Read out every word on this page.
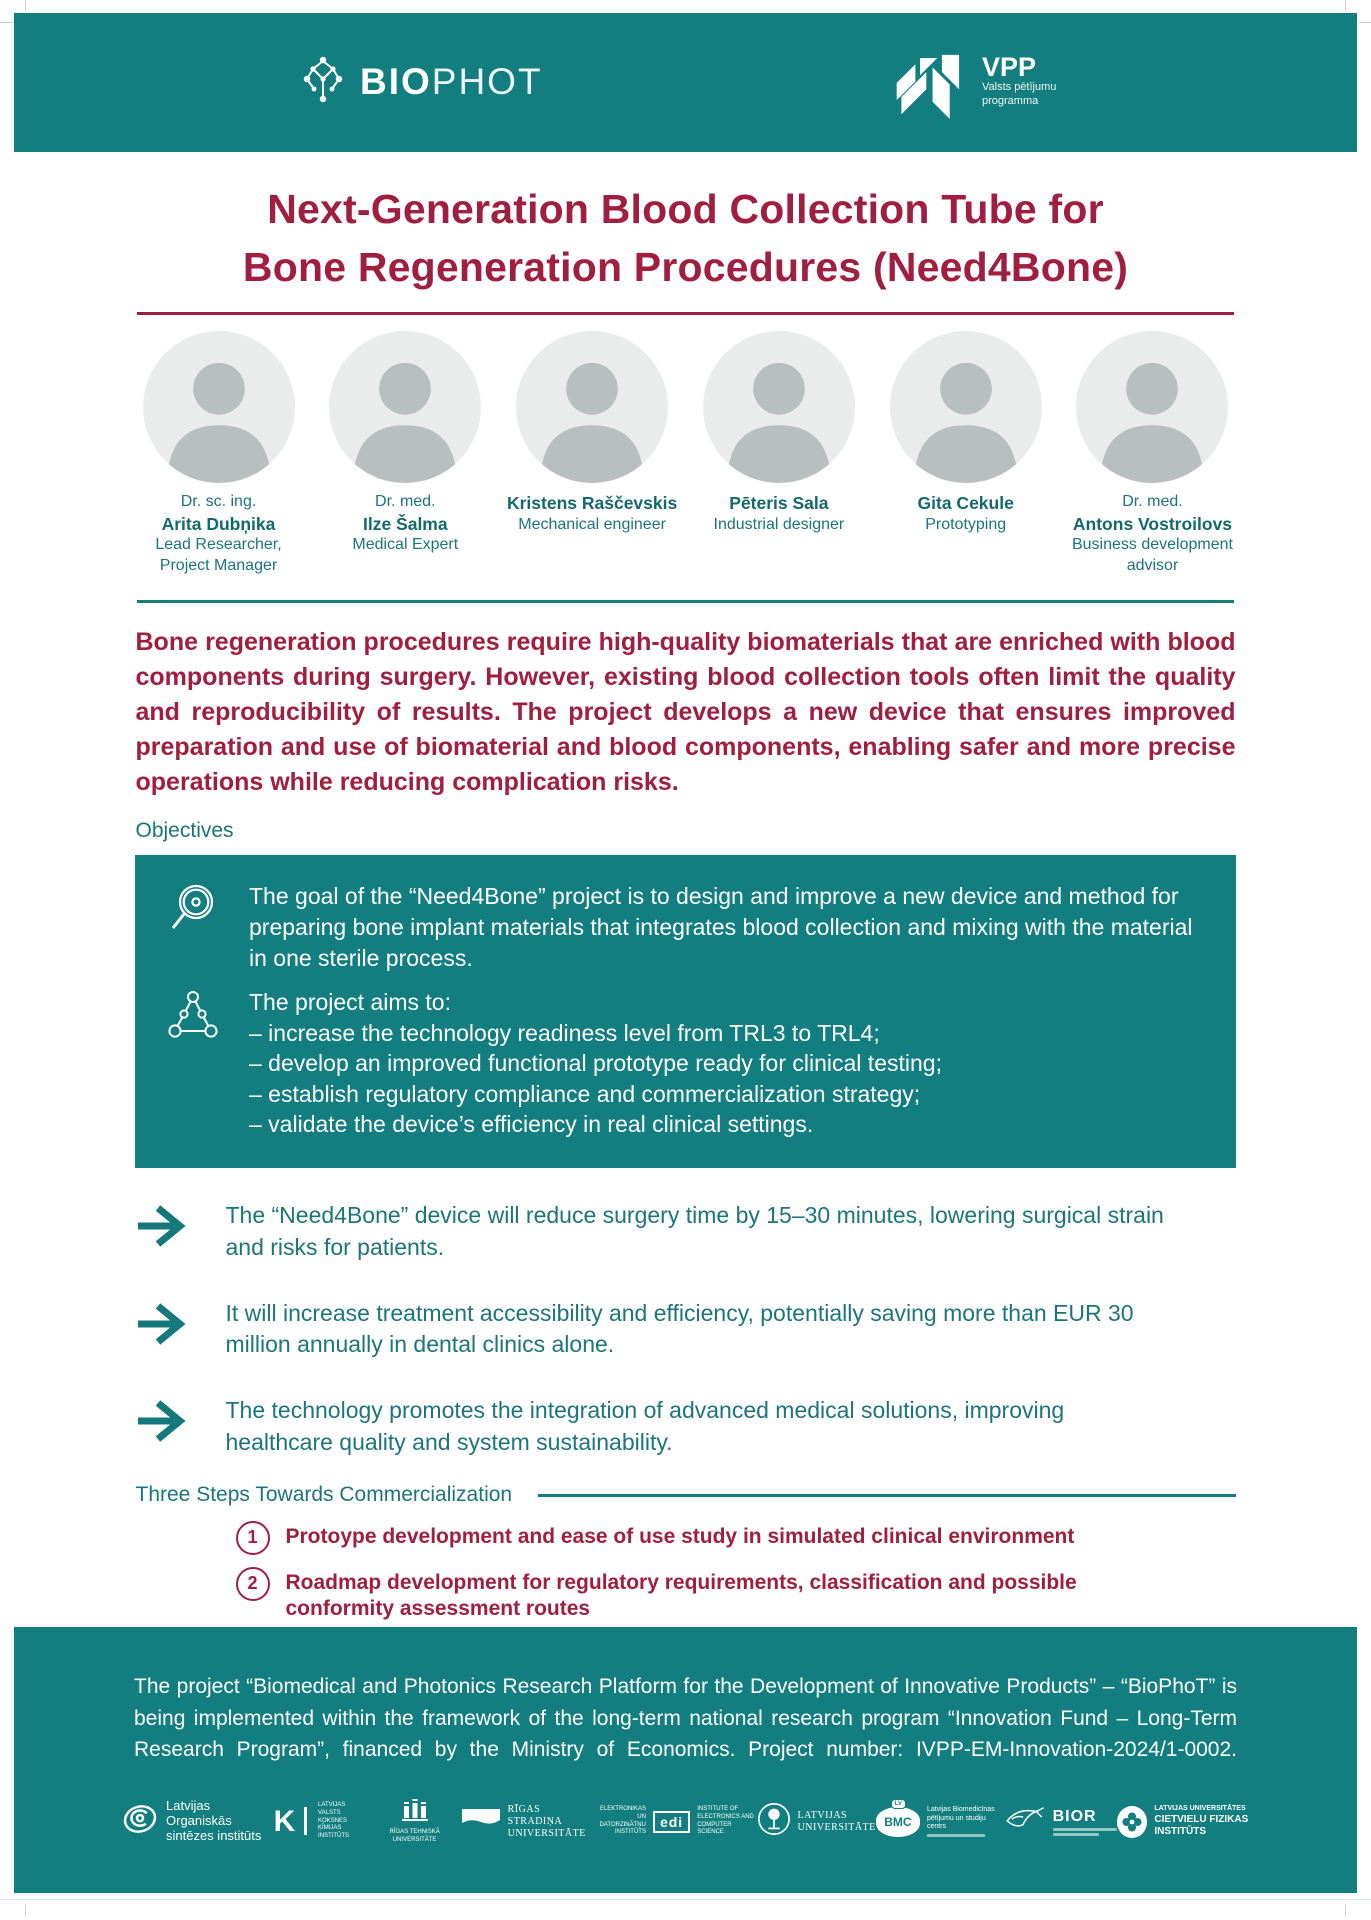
BIOPHOT	VPP
Valsts pētījumu
programma
Next-Generation Blood Collection Tube for
Bone Regeneration Procedures (Need4Bone)
Dr. sc. ing.
Arita Dubņika
Lead Researcher, Project Manager
Dr. med.
Ilze Šalma
Medical Expert
Kristens Raščevskis
Mechanical engineer
Pēteris Sala
Industrial designer
Gita Cekule
Prototyping
Dr. med.
Antons Vostroilovs
Business development advisor

Bone regeneration procedures require high-quality biomaterials that are enriched with blood components during surgery. However, existing blood collection tools often limit the quality and reproducibility of results. The project develops a new device that ensures improved preparation and use of biomaterial and blood components, enabling safer and more precise operations while reducing complication risks.

Objectives
The goal of the “Need4Bone” project is to design and improve a new device and method for preparing bone implant materials that integrates blood collection and mixing with the material in one sterile process.

The project aims to:

– increase the technology readiness level from TRL3 to TRL4;

– develop an improved functional prototype ready for clinical testing;

– establish regulatory compliance and commercialization strategy;

– validate the device’s efficiency in real clinical settings.

The “Need4Bone” device will reduce surgery time by 15–30 minutes, lowering surgical strain and risks for patients.
It will increase treatment accessibility and efficiency, potentially saving more than EUR 30 million annually in dental clinics alone.
The technology promotes the integration of advanced medical solutions, improving healthcare quality and system sustainability.
Three Steps Towards Commercialization
1	Protoype development and ease of use study in simulated clinical environment
2	Roadmap development for regulatory requirements, classification and possible conformity assessment routes

The project “Biomedical and Photonics Research Platform for the Development of Innovative Products” – “BioPhoT” is being implemented within the framework of the long-term national research program “Innovation Fund – Long-Term Research Program”, financed by the Ministry of Economics. Project number: IVPP-EM-Innovation-2024/1-0002.

Latvijas Organiskās
sintēzes institūts K	LATVIJAS VALSTS
KOKSNES ĶĪMIJAS
INSTITŪTS
RĪGAS TEHNISKĀ UNIVERSITĀTE
RĪGAS STRADIŅA
UNIVERSITĀTE
ELEKTRONIKAS UN
DATORZINĀTŅU
INSTITŪTS
edi
INSTITUTE OF
ELECTRONICS AND
COMPUTER SCIENCE
LATVIJAS
UNIVERSITĀTE
LV
BMC
Latvijas Biomedicīnas
pētījumu un studiju centrs
BIOR	LATVIJAS UNIVERSITĀTES
CIETVIELU FIZIKAS INSTITŪTS
